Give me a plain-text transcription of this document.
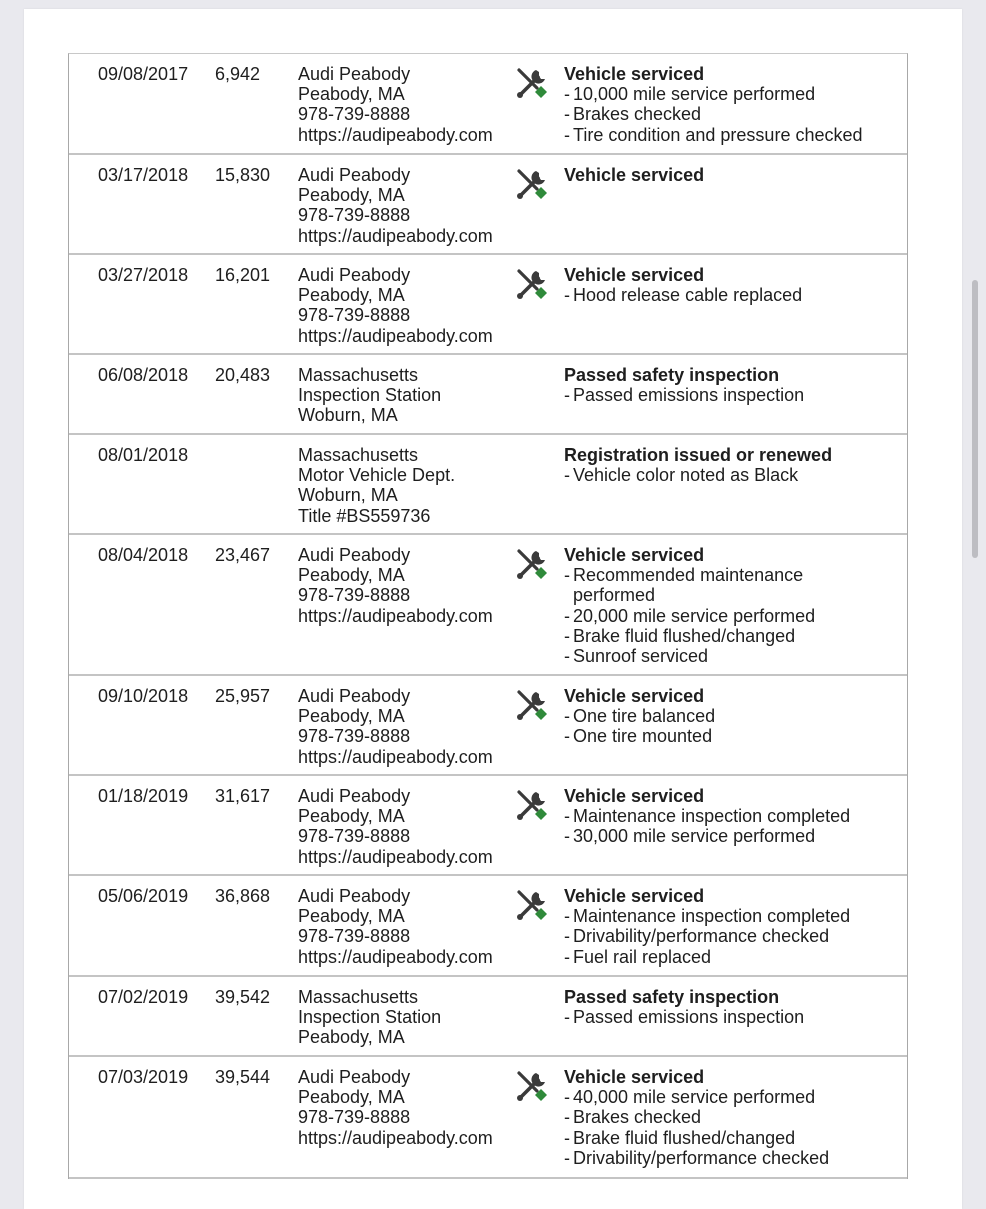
09/08/2017 6,942 Audi Peabody
Peabody, MA
978-739-8888
https://audipeabody.com
Vehicle serviced
- 10,000 mile service performed
- Brakes checked
- Tire condition and pressure checked
03/17/2018 15,830 Audi Peabody
Peabody, MA
978-739-8888
https://audipeabody.com
Vehicle serviced
03/27/2018 16,201 Audi Peabody
Peabody, MA
978-739-8888
https://audipeabody.com
Vehicle serviced
- Hood release cable replaced
06/08/2018 20,483 Massachusetts
Inspection Station
Woburn, MA
Passed safety inspection
- Passed emissions inspection
08/01/2018	Massachusetts
Motor Vehicle Dept.
Woburn, MA
Title #BS559736
Registration issued or renewed
- Vehicle color noted as Black
08/04/2018 23,467 Audi Peabody
Peabody, MA
978-739-8888
https://audipeabody.com
Vehicle serviced
- Recommended maintenance performed
- 20,000 mile service performed
- Brake fluid flushed/changed
- Sunroof serviced
09/10/2018 25,957 Audi Peabody
Peabody, MA
978-739-8888
https://audipeabody.com
Vehicle serviced
- One tire balanced
- One tire mounted
01/18/2019 31,617 Audi Peabody
Peabody, MA
978-739-8888
https://audipeabody.com
Vehicle serviced
- Maintenance inspection completed
- 30,000 mile service performed
05/06/2019 36,868 Audi Peabody
Peabody, MA
978-739-8888
https://audipeabody.com
Vehicle serviced
- Maintenance inspection completed
- Drivability/performance checked
- Fuel rail replaced
07/02/2019 39,542 Massachusetts
Inspection Station
Peabody, MA
Passed safety inspection
- Passed emissions inspection
07/03/2019 39,544 Audi Peabody
Peabody, MA
978-739-8888
https://audipeabody.com
Vehicle serviced
- 40,000 mile service performed
- Brakes checked
- Brake fluid flushed/changed
- Drivability/performance checked
